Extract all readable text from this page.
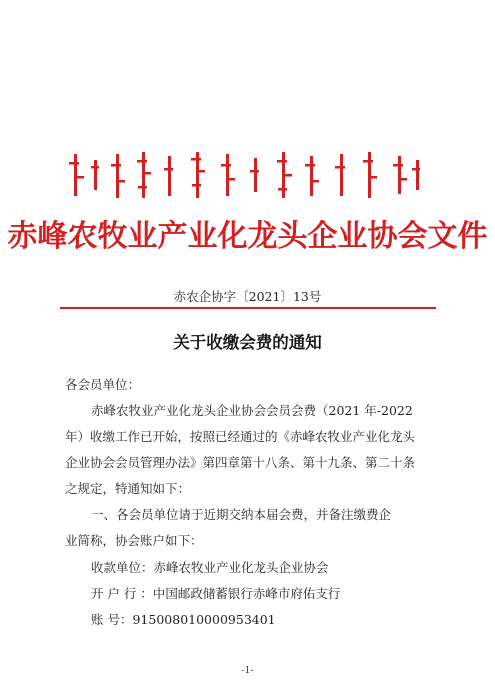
赤峰农牧业产业化龙头企业协会文件
赤农企协字〔2021〕13号
关于收缴会费的通知
各会员单位：
赤峰农牧业产业化龙头企业协会会员会费（2021 年-2022
年）收缴工作已开始，按照已经通过的《赤峰农牧业产业化龙头
企业协会会员管理办法》第四章第十八条、第十九条、第二十条
之规定，特通知如下：
一、各会员单位请于近期交纳本届会费，并备注缴费企
业简称，协会账户如下：
收款单位：赤峰农牧业产业化龙头企业协会
开 户 行 ：中国邮政储蓄银行赤峰市府佑支行
账 号：915008010000953401
-1-
